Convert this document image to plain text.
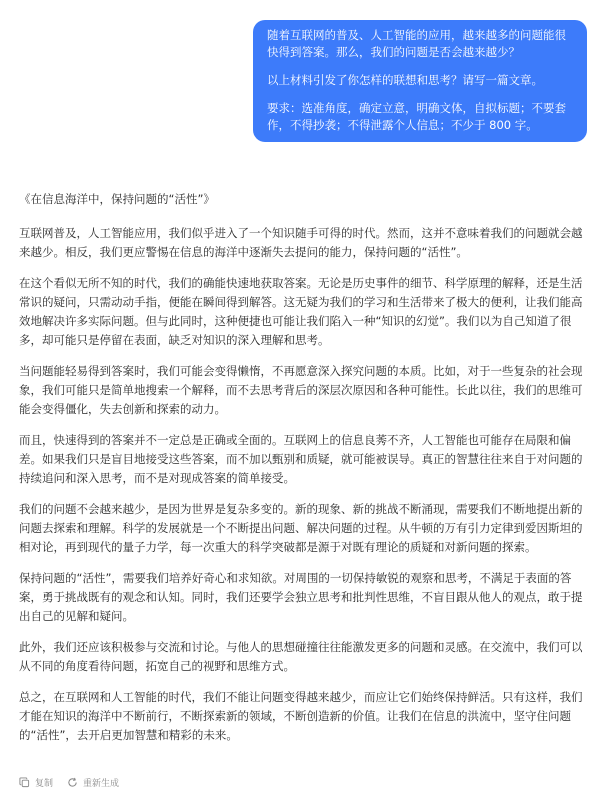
随着互联网的普及、人工智能的应用，越来越多的问题能很快得到答案。那么，我们的问题是否会越来越少？

以上材料引发了你怎样的联想和思考？请写一篇文章。

要求：选准角度，确定立意，明确文体，自拟标题；不要套作，不得抄袭；不得泄露个人信息；不少于 800 字。

《在信息海洋中，保持问题的“活性”》

互联网普及，人工智能应用，我们似乎进入了一个知识随手可得的时代。然而，这并不意味着我们的问题就会越来越少。相反，我们更应警惕在信息的海洋中逐渐失去提问的能力，保持问题的“活性”。

在这个看似无所不知的时代，我们的确能快速地获取答案。无论是历史事件的细节、科学原理的解释，还是生活常识的疑问，只需动动手指，便能在瞬间得到解答。这无疑为我们的学习和生活带来了极大的便利，让我们能高效地解决许多实际问题。但与此同时，这种便捷也可能让我们陷入一种“知识的幻觉”。我们以为自己知道了很多，却可能只是停留在表面，缺乏对知识的深入理解和思考。

当问题能轻易得到答案时，我们可能会变得懒惰，不再愿意深入探究问题的本质。比如，对于一些复杂的社会现象，我们可能只是简单地搜索一个解释，而不去思考背后的深层次原因和各种可能性。长此以往，我们的思维可能会变得僵化，失去创新和探索的动力。

而且，快速得到的答案并不一定总是正确或全面的。互联网上的信息良莠不齐，人工智能也可能存在局限和偏差。如果我们只是盲目地接受这些答案，而不加以甄别和质疑，就可能被误导。真正的智慧往往来自于对问题的持续追问和深入思考，而不是对现成答案的简单接受。

我们的问题不会越来越少，是因为世界是复杂多变的。新的现象、新的挑战不断涌现，需要我们不断地提出新的问题去探索和理解。科学的发展就是一个不断提出问题、解决问题的过程。从牛顿的万有引力定律到爱因斯坦的相对论，再到现代的量子力学，每一次重大的科学突破都是源于对既有理论的质疑和对新问题的探索。

保持问题的“活性”，需要我们培养好奇心和求知欲。对周围的一切保持敏锐的观察和思考，不满足于表面的答案，勇于挑战既有的观念和认知。同时，我们还要学会独立思考和批判性思维，不盲目跟从他人的观点，敢于提出自己的见解和疑问。

此外，我们还应该积极参与交流和讨论。与他人的思想碰撞往往能激发更多的问题和灵感。在交流中，我们可以从不同的角度看待问题，拓宽自己的视野和思维方式。

总之，在互联网和人工智能的时代，我们不能让问题变得越来越少，而应让它们始终保持鲜活。只有这样，我们才能在知识的海洋中不断前行，不断探索新的领域，不断创造新的价值。让我们在信息的洪流中，坚守住问题的“活性”，去开启更加智慧和精彩的未来。

复制	重新生成
